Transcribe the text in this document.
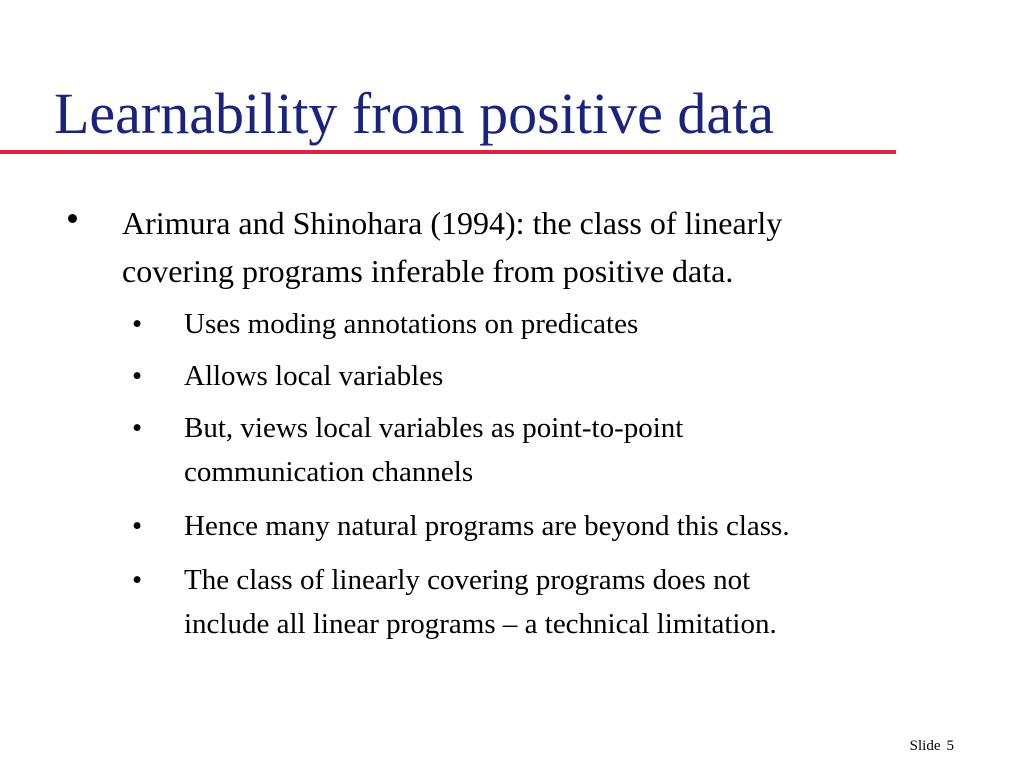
Learnability from positive data
Arimura and Shinohara (1994): the class of linearly
covering programs inferable from positive data.
• Uses moding annotations on predicates
• Allows local variables
• But, views local variables as point-to-point
communication channels
• Hence many natural programs are beyond this class.
• The class of linearly covering programs does not
include all linear programs – a technical limitation.
Slide 5
